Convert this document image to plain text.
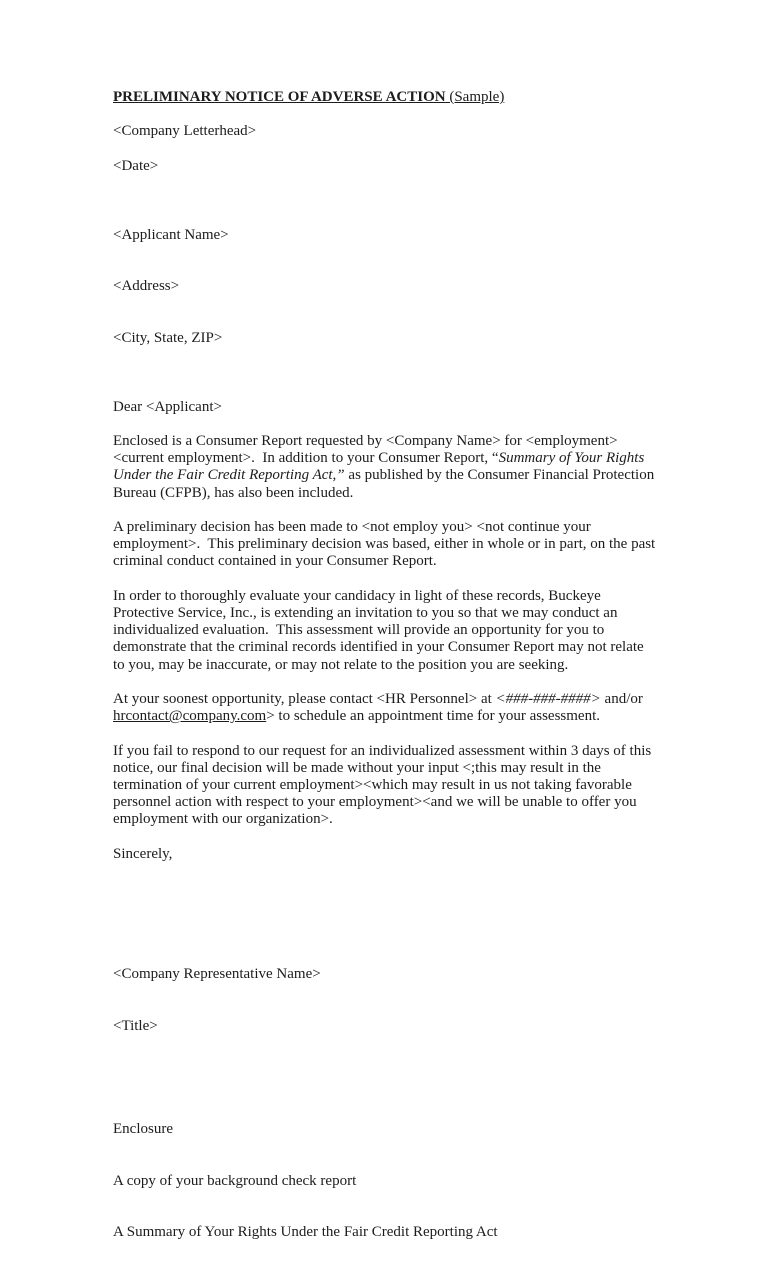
PRELIMINARY NOTICE OF ADVERSE ACTION (Sample)

<Company Letterhead>

<Date>

<Applicant Name>

<Address>

<City, State, ZIP>

Dear <Applicant>

Enclosed is a Consumer Report requested by <Company Name> for <employment> <current employment>.  In addition to your Consumer Report, “Summary of Your Rights Under the Fair Credit Reporting Act,” as published by the Consumer Financial Protection Bureau (CFPB), has also been included.

A preliminary decision has been made to <not employ you> <not continue your employment>.  This preliminary decision was based, either in whole or in part, on the past criminal conduct contained in your Consumer Report.

In order to thoroughly evaluate your candidacy in light of these records, Buckeye Protective Service, Inc., is extending an invitation to you so that we may conduct an individualized evaluation.  This assessment will provide an opportunity for you to demonstrate that the criminal records identified in your Consumer Report may not relate to you, may be inaccurate, or may not relate to the position you are seeking.

At your soonest opportunity, please contact <HR Personnel> at <###-###-####> and/or hrcontact@company.com> to schedule an appointment time for your assessment.

If you fail to respond to our request for an individualized assessment within 3 days of this notice, our final decision will be made without your input <;this may result in the termination of your current employment><which may result in us not taking favorable personnel action with respect to your employment><and we will be unable to offer you employment with our organization>.

Sincerely,

<Company Representative Name>

<Title>

Enclosure

A copy of your background check report

A Summary of Your Rights Under the Fair Credit Reporting Act
